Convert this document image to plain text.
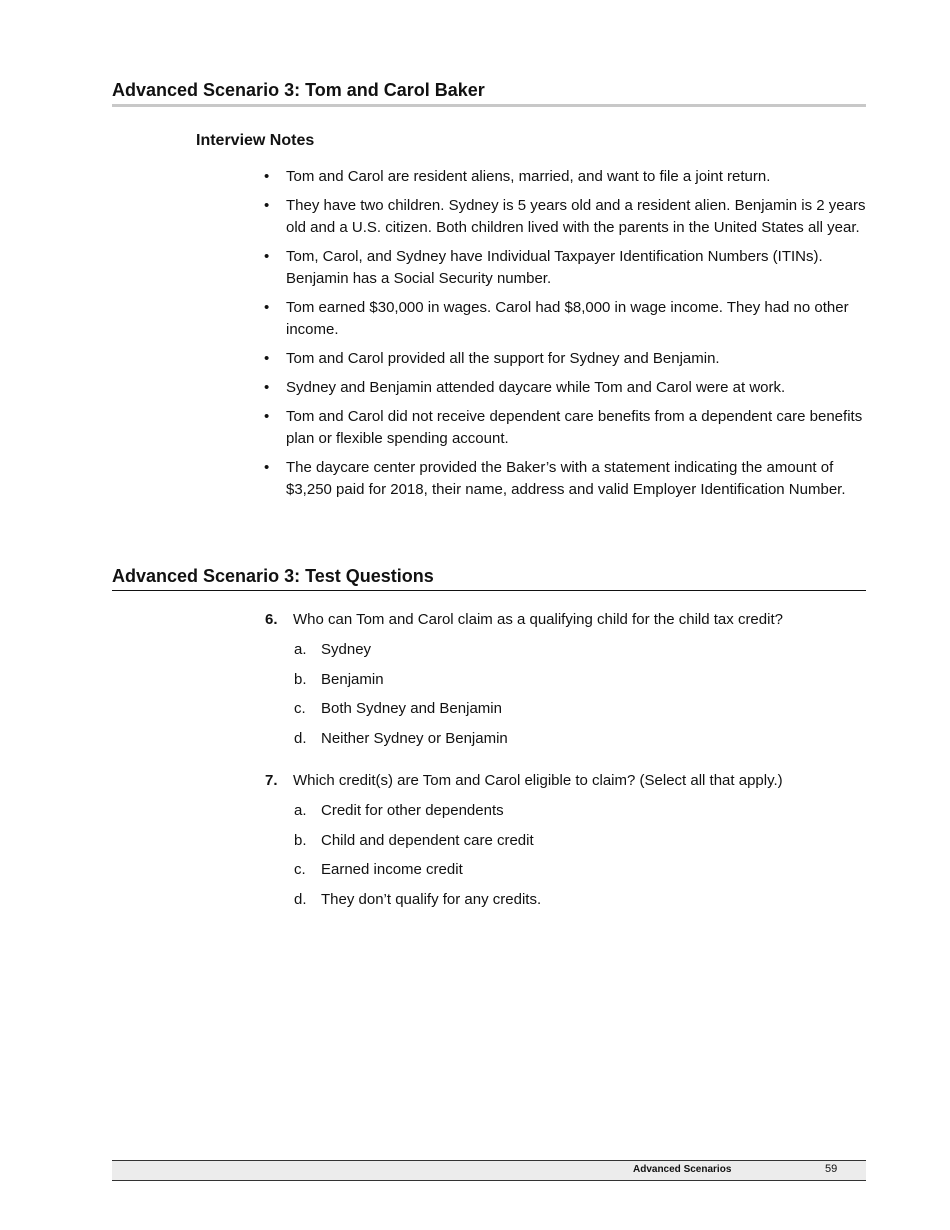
Advanced Scenario 3: Tom and Carol Baker
Interview Notes
• Tom and Carol are resident aliens, married, and want to file a joint return.
• They have two children. Sydney is 5 years old and a resident alien. Benjamin is 2 years old and a U.S. citizen. Both children lived with the parents in the United States all year.
• Tom, Carol, and Sydney have Individual Taxpayer Identification Numbers (ITINs). Benjamin has a Social Security number.
• Tom earned $30,000 in wages. Carol had $8,000 in wage income. They had no other income.
• Tom and Carol provided all the support for Sydney and Benjamin.
• Sydney and Benjamin attended daycare while Tom and Carol were at work.
• Tom and Carol did not receive dependent care benefits from a dependent care benefits plan or flexible spending account.
• The daycare center provided the Baker’s with a statement indicating the amount of $3,250 paid for 2018, their name, address and valid Employer Identification Number.
Advanced Scenario 3: Test Questions
6. Who can Tom and Carol claim as a qualifying child for the child tax credit?
a. Sydney
b. Benjamin
c. Both Sydney and Benjamin
d. Neither Sydney or Benjamin
7. Which credit(s) are Tom and Carol eligible to claim? (Select all that apply.)
a. Credit for other dependents
b. Child and dependent care credit
c. Earned income credit
d. They don’t qualify for any credits.
Advanced Scenarios	59
